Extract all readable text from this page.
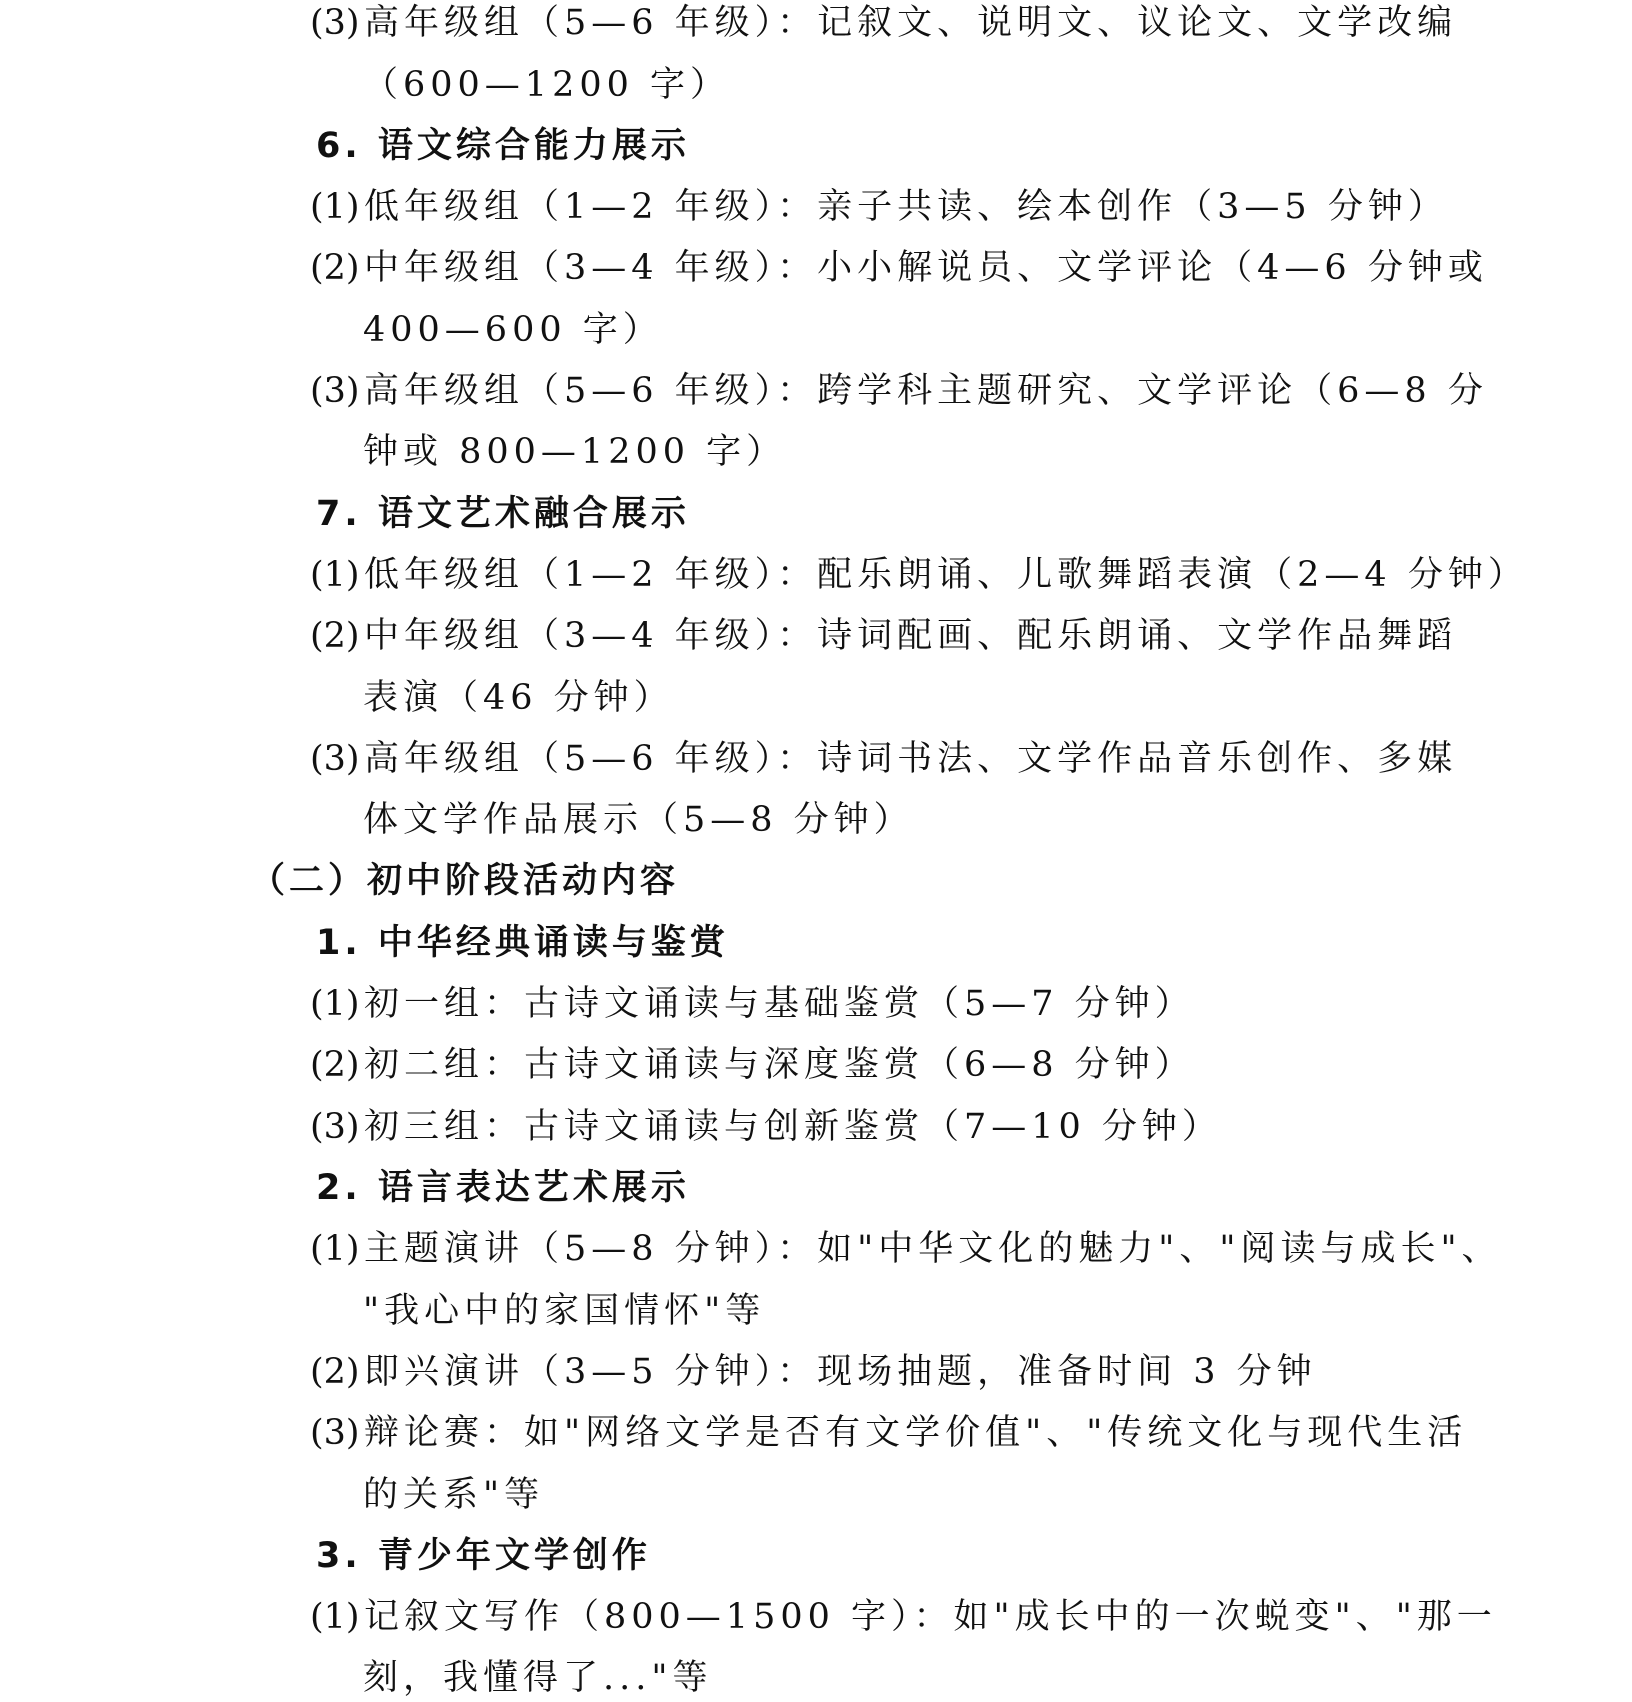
(3) 高年级组（5—6 年级）：记叙文、说明文、议论文、文学改编
（600—1200 字）
6. 语文综合能力展示
(1) 低年级组（1—2 年级）：亲子共读、绘本创作（3—5 分钟）
(2) 中年级组（3—4 年级）：小小解说员、文学评论（4—6 分钟或
400—600 字）
(3) 高年级组（5—6 年级）：跨学科主题研究、文学评论（6—8 分
钟或 800—1200 字）
7. 语文艺术融合展示
(1) 低年级组（1—2 年级）：配乐朗诵、儿歌舞蹈表演（2—4 分钟）
(2) 中年级组（3—4 年级）：诗词配画、配乐朗诵、文学作品舞蹈
表演（46 分钟）
(3) 高年级组（5—6 年级）：诗词书法、文学作品音乐创作、多媒
体文学作品展示（5—8 分钟）
（二）初中阶段活动内容
1. 中华经典诵读与鉴赏
(1) 初一组：古诗文诵读与基础鉴赏（5—7 分钟）
(2) 初二组：古诗文诵读与深度鉴赏（6—8 分钟）
(3) 初三组：古诗文诵读与创新鉴赏（7—10 分钟）
2. 语言表达艺术展示
(1) 主题演讲（5—8 分钟）：如"中华文化的魅力"、"阅读与成长"、
"我心中的家国情怀"等
(2) 即兴演讲（3—5 分钟）：现场抽题，准备时间 3 分钟
(3) 辩论赛：如"网络文学是否有文学价值"、"传统文化与现代生活
的关系"等
3. 青少年文学创作
(1) 记叙文写作（800—1500 字）：如"成长中的一次蜕变"、"那一
刻，我懂得了..."等
